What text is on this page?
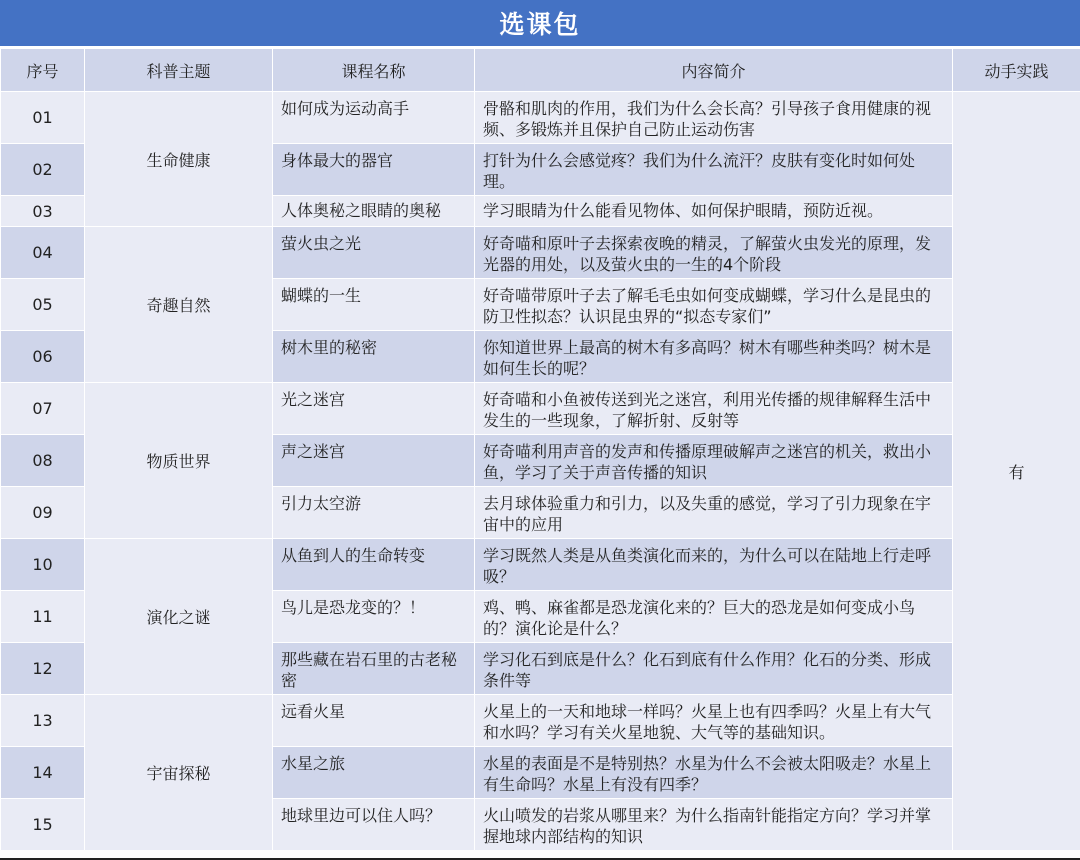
选课包
序号	科普主题	课程名称	内容简介	动手实践
01	生命健康	如何成为运动高手	骨骼和肌肉的作用，我们为什么会长高？引导孩子食用健康的视频、多锻炼并且保护自己防止运动伤害	有
02		身体最大的器官	打针为什么会感觉疼？我们为什么流汗？皮肤有变化时如何处理。	
03		人体奥秘之眼睛的奥秘	学习眼睛为什么能看见物体、如何保护眼睛，预防近视。	
04	奇趣自然	萤火虫之光	好奇喵和原叶子去探索夜晚的精灵，了解萤火虫发光的原理，发光器的用处，以及萤火虫的一生的4个阶段	
05		蝴蝶的一生	好奇喵带原叶子去了解毛毛虫如何变成蝴蝶，学习什么是昆虫的防卫性拟态？认识昆虫界的“拟态专家们”	
06		树木里的秘密	你知道世界上最高的树木有多高吗？树木有哪些种类吗？树木是如何生长的呢？	
07	物质世界	光之迷宫	好奇喵和小鱼被传送到光之迷宫，利用光传播的规律解释生活中发生的一些现象，了解折射、反射等	
08		声之迷宫	好奇喵利用声音的发声和传播原理破解声之迷宫的机关，救出小鱼，学习了关于声音传播的知识	
09		引力太空游	去月球体验重力和引力，以及失重的感觉，学习了引力现象在宇宙中的应用	
10	演化之谜	从鱼到人的生命转变	学习既然人类是从鱼类演化而来的，为什么可以在陆地上行走呼吸？	
11		鸟儿是恐龙变的？！	鸡、鸭、麻雀都是恐龙演化来的？巨大的恐龙是如何变成小鸟的？演化论是什么？	
12		那些藏在岩石里的古老秘密	学习化石到底是什么？化石到底有什么作用？化石的分类、形成条件等	
13	宇宙探秘	远看火星	火星上的一天和地球一样吗？火星上也有四季吗？火星上有大气和水吗？学习有关火星地貌、大气等的基础知识。	
14		水星之旅	水星的表面是不是特别热？水星为什么不会被太阳吸走？水星上有生命吗？水星上有没有四季？	
15		地球里边可以住人吗？	火山喷发的岩浆从哪里来？为什么指南针能指定方向？学习并掌握地球内部结构的知识	
